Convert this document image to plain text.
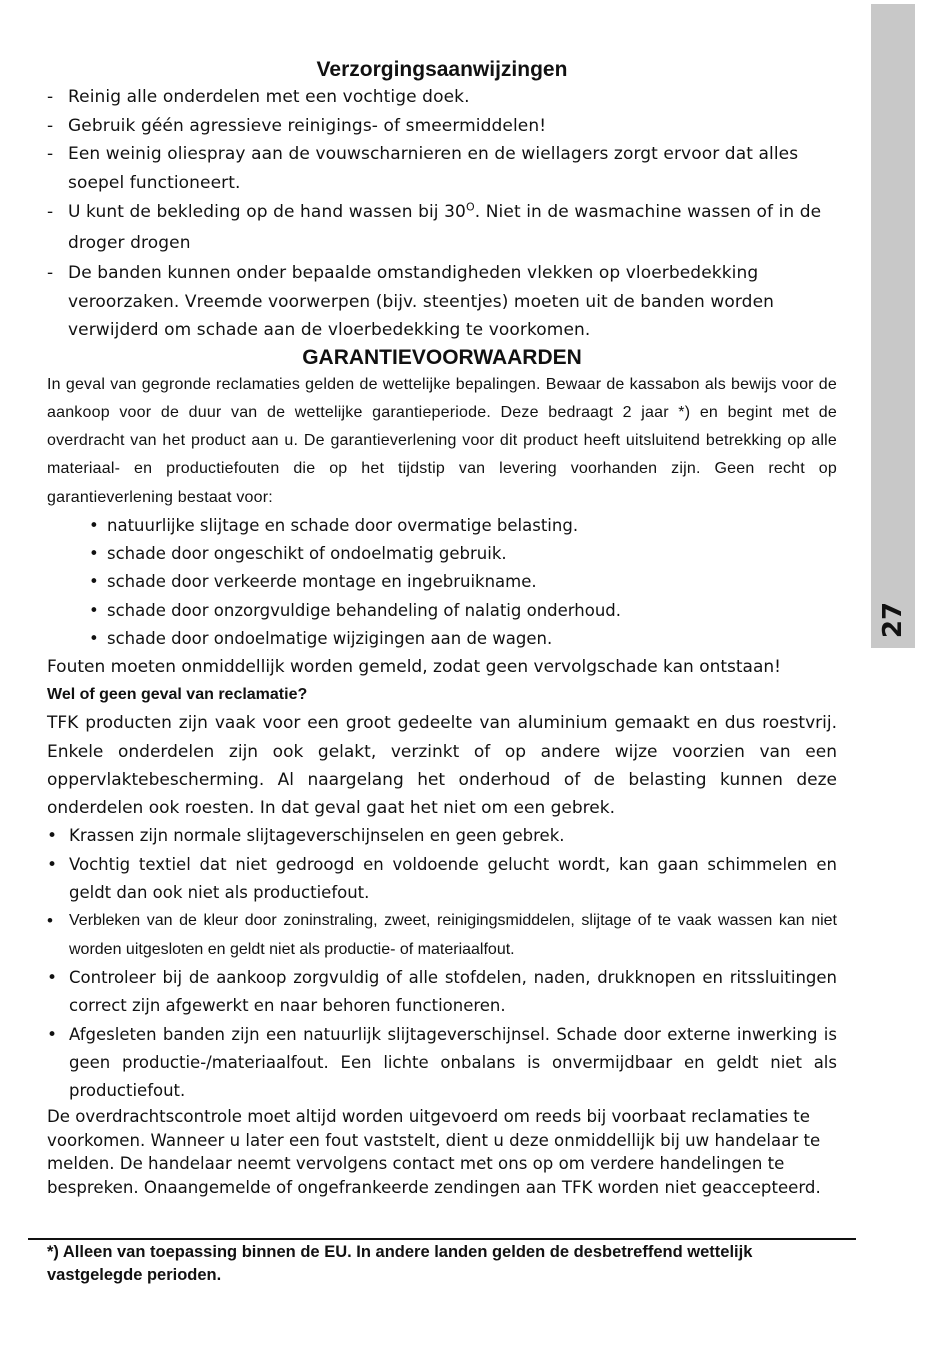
27
Verzorgingsaanwijzingen
- Reinig alle onderdelen met een vochtige doek.
- Gebruik géén agressieve reinigings- of smeermiddelen!
- Een weinig oliespray aan de vouwscharnieren en de wiellagers zorgt ervoor dat alles soepel functioneert.
- U kunt de bekleding op de hand wassen bij $30^O$. Niet in de wasmachine wassen of in de droger drogen
- De banden kunnen onder bepaalde omstandigheden vlekken op vloerbedekking veroorzaken. Vreemde voorwerpen (bijv. steentjes) moeten uit de banden worden verwijderd om schade aan de vloerbedekking te voorkomen.
GARANTIEVOORWAARDEN

In geval van gegronde reclamaties gelden de wettelijke bepalingen. Bewaar de kassabon als bewijs voor de aankoop voor de duur van de wettelijke garantieperiode. Deze bedraagt 2 jaar *) en begint met de overdracht van het product aan u. De garantieverlening voor dit product heeft uitsluitend betrekking op alle materiaal- en productiefouten die op het tijdstip van levering voorhanden zijn. Geen recht op garantieverlening bestaat voor:

• natuurlijke slijtage en schade door overmatige belasting.
• schade door ongeschikt of ondoelmatig gebruik.
• schade door verkeerde montage en ingebruikname.
• schade door onzorgvuldige behandeling of nalatig onderhoud.
• schade door ondoelmatige wijzigingen aan de wagen.

Fouten moeten onmiddellijk worden gemeld, zodat geen vervolgschade kan ontstaan!

Wel of geen geval van reclamatie?

TFK producten zijn vaak voor een groot gedeelte van aluminium gemaakt en dus roestvrij. Enkele onderdelen zijn ook gelakt, verzinkt of op andere wijze voorzien van een oppervlaktebescherming. Al naargelang het onderhoud of de belasting kunnen deze onderdelen ook roesten. In dat geval gaat het niet om een gebrek.

• Krassen zijn normale slijtageverschijnselen en geen gebrek.
• Vochtig textiel dat niet gedroogd en voldoende gelucht wordt, kan gaan schimmelen en geldt dan ook niet als productiefout.
• Verbleken van de kleur door zoninstraling, zweet, reinigingsmiddelen, slijtage of te vaak wassen kan niet worden uitgesloten en geldt niet als productie- of materiaalfout.
• Controleer bij de aankoop zorgvuldig of alle stofdelen, naden, drukknopen en ritssluitingen correct zijn afgewerkt en naar behoren functioneren.
• Afgesleten banden zijn een natuurlijk slijtageverschijnsel. Schade door externe inwerking is geen productie-/materiaalfout. Een lichte onbalans is onvermijdbaar en geldt niet als productiefout.

De overdrachtscontrole moet altijd worden uitgevoerd om reeds bij voorbaat reclamaties te voorkomen. Wanneer u later een fout vaststelt, dient u deze onmiddellijk bij uw handelaar te melden. De handelaar neemt vervolgens contact met ons op om verdere handelingen te bespreken. Onaangemelde of ongefrankeerde zendingen aan TFK worden niet geaccepteerd.

*) Alleen van toepassing binnen de EU. In andere landen gelden de desbetreffend wettelijk vastgelegde perioden.
